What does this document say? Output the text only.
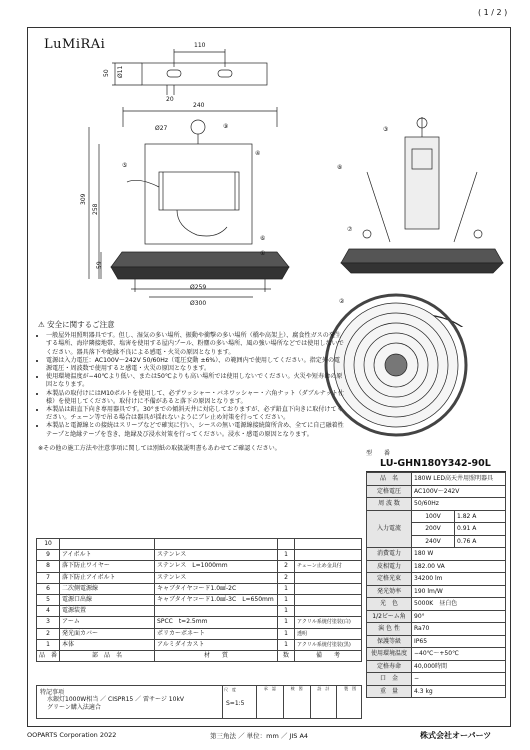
( 1 / 2 )
LuMiRAi	110
50 Ø11
20
240
Ø27	⑨
④
⑤
⑥
①
309
258
59
Ø259
Ø300
③
⑧
⑦
②
⚠ 安全に関するご注意
• 一般屋外用照明器具です。但し、湿気の多い場所、振動や衝撃の多い場所（橋や高架上）、腐食性ガスの発生する場所、海岸隣接地帯、塩害を使用する屋内プール、粉塵の多い場所、風の強い場所などでは使用しないでください。器具落下や絶縁不良による感電・火災の原因となります。
• 電源は入力電圧：AC100V〜242V 50/60Hz（電圧変動 ±6%）、の範囲内で使用してください。指定外の電源電圧・周波数で使用すると感電・火災の原因となります。
• 使用環境温度が−40℃より低い、または50℃よりも高い場所では使用しないでください。火災や短寿命の原因となります。
• 本製品の取付けにはM10ボルトを使用して、必ずワッシャー・バネワッシャー・六角ナット（ダブルナット仕様）を使用してください。取付けに不備があると落下の原因となります。
• 本製品は鉛直下向き専用器具です。30°までの傾斜天井に対応しておりますが、必ず鉛直下向きに取付けてください。チェーン等で吊る場合は器具が揺れないようにブレ止め対策を行ってください。
• 本製品と電源線との接続はスリーブなどで確実に行い、シースの無い電源線接続箇所含め、全てに自己融着性テープと絶縁テープを巻き、絶縁及び浸水対策を行ってください。浸水・感電の原因となります。
※その他の施工方法や注意事項に関しては別紙の取扱説明書もあわせてご確認ください。
型　　番
LU-GHN180Y342-90L
品　名	180W LED高天井用照明器具	
定格電圧	AC100V〜242V	
周 波 数	50/60Hz	
入力電流	100V	1.82 A
	200V	0.91 A
	240V	0.76 A
消費電力	180 W	
皮相電力	182.00 VA	
定格光束	34200 lm	
発光効率	190 lm/W	
光　色	5000K　昼白色	
1/2ビーム角	90°	
演 色 性	Ra70	
保護等級	IP65	
使用環境温度	−40℃〜+50℃	
定格寿命	40,000時間	
口　金	−	
重　量	4.3 kg	
10				
9	アイボルト	ステンレス	1	
8	落下防止ワイヤー	ステンレス　L=1000mm	2	チェーン止め金具付
7	落下防止アイボルト	ステンレス	2	
6	二次側電源線	キャブタイヤコード1.0㎟-2C	1	
5	電源口出線	キャブタイヤコード1.0㎟-3C　L=650mm	1	
4	電源装置		1	
3	アーム	SPCC　t=2.5mm	1	アクリル系焼付塗装(白)
2	発光面カバー	ポリカーボネート	1	透明
1	本体	アルミダイカスト	1	アクリル系焼付塗装(黒)
品　番	部　品　名	材　　質	数	備　　考
特記事項
水銀灯1000W相当 ／ CISPR15 ／ 雷サージ 10kV
グリーン購入法適合
尺　度
S=1:5
承　認	検　図	設　計	製　図
OOPARTS Corporation 2022	第三角法 ／ 単位：mm ／ JIS A4	株式会社オーパーツ
